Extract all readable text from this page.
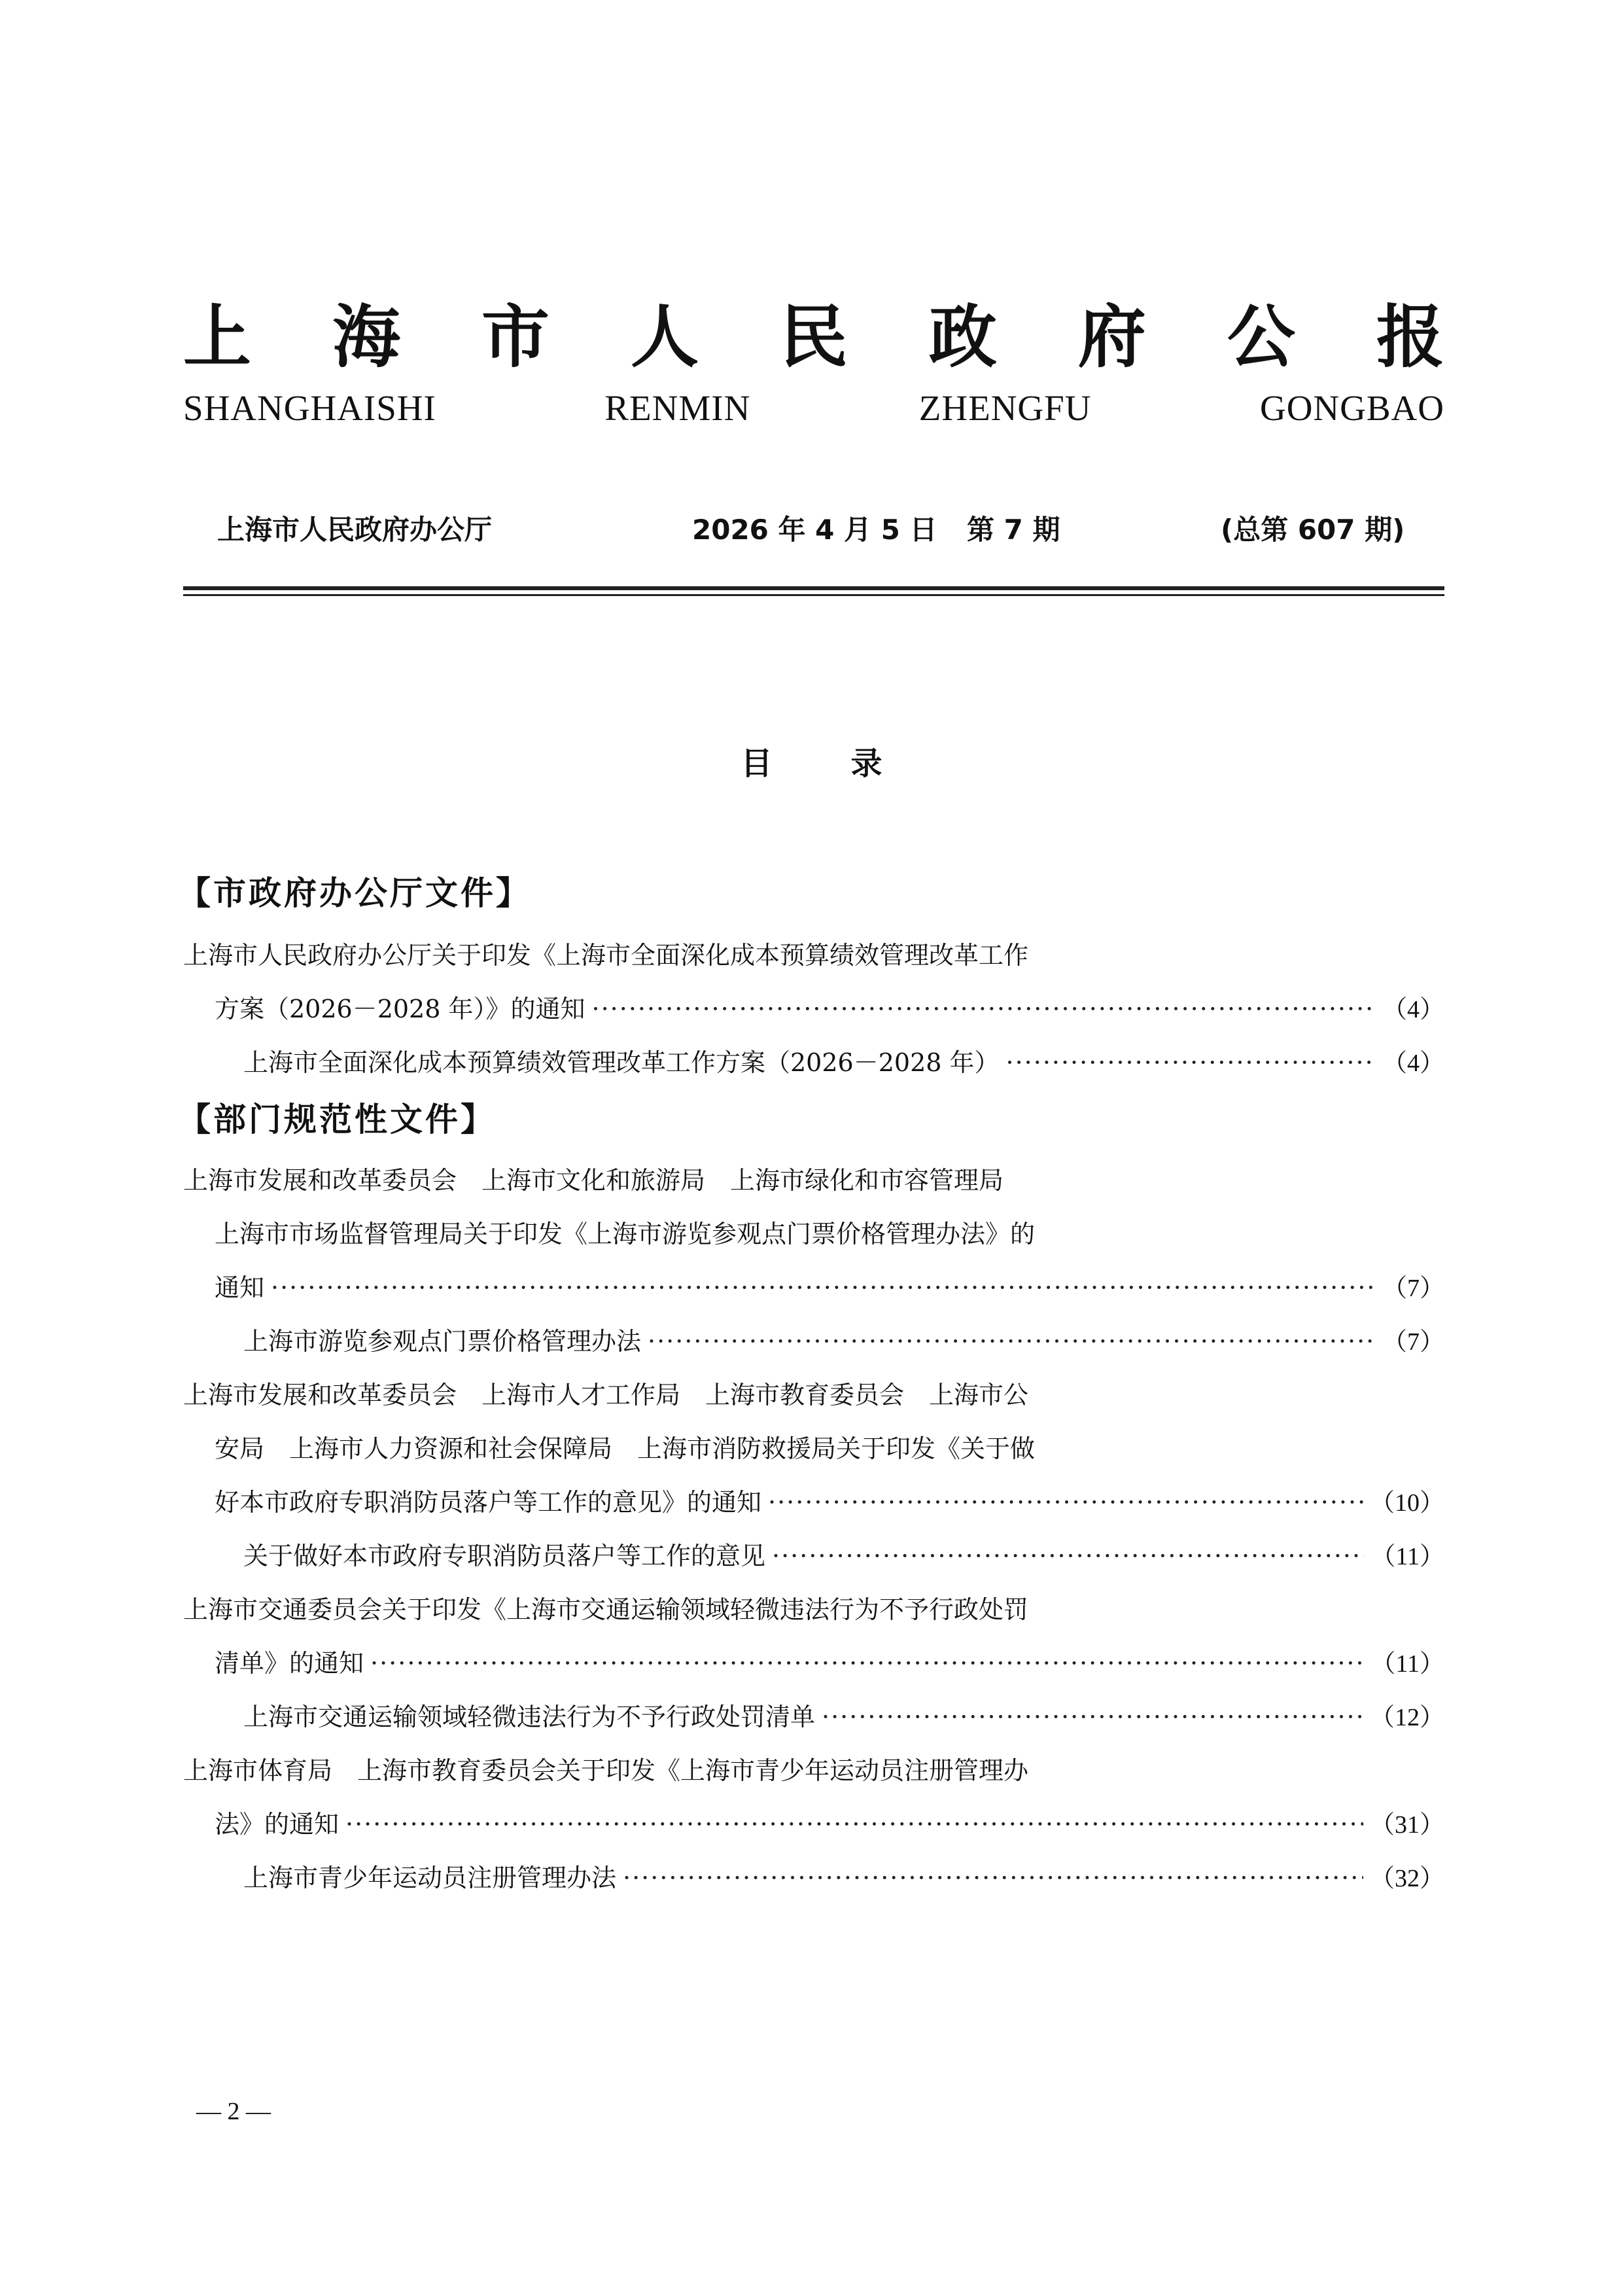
上 海 市 人 民 政 府 公 报
SHANGHAISHI	RENMIN	ZHENGFU	GONGBAO
上海市人民政府办公厅	2026 年 4 月 5 日 第 7 期	(总第 607 期)
目录
【市政府办公厅文件】
上海市人民政府办公厅关于印发《上海市全面深化成本预算绩效管理改革工作
方案（2026－2028 年）》的通知 ·····	（4）
上海市全面深化成本预算绩效管理改革工作方案（2026－2028 年） ·····	（4）
【部门规范性文件】
上海市发展和改革委员会　上海市文化和旅游局　上海市绿化和市容管理局
上海市市场监督管理局关于印发《上海市游览参观点门票价格管理办法》的
通知 ·····	（7）
上海市游览参观点门票价格管理办法 ·····	（7）
上海市发展和改革委员会　上海市人才工作局　上海市教育委员会　上海市公
安局　上海市人力资源和社会保障局　上海市消防救援局关于印发《关于做
好本市政府专职消防员落户等工作的意见》的通知 ·····	（10）
关于做好本市政府专职消防员落户等工作的意见 ·····	（11）
上海市交通委员会关于印发《上海市交通运输领域轻微违法行为不予行政处罚
清单》的通知 ·····	（11）
上海市交通运输领域轻微违法行为不予行政处罚清单 ·····	（12）
上海市体育局　上海市教育委员会关于印发《上海市青少年运动员注册管理办
法》的通知 ·····	（31）
上海市青少年运动员注册管理办法 ·····	（32）
— 2 —
